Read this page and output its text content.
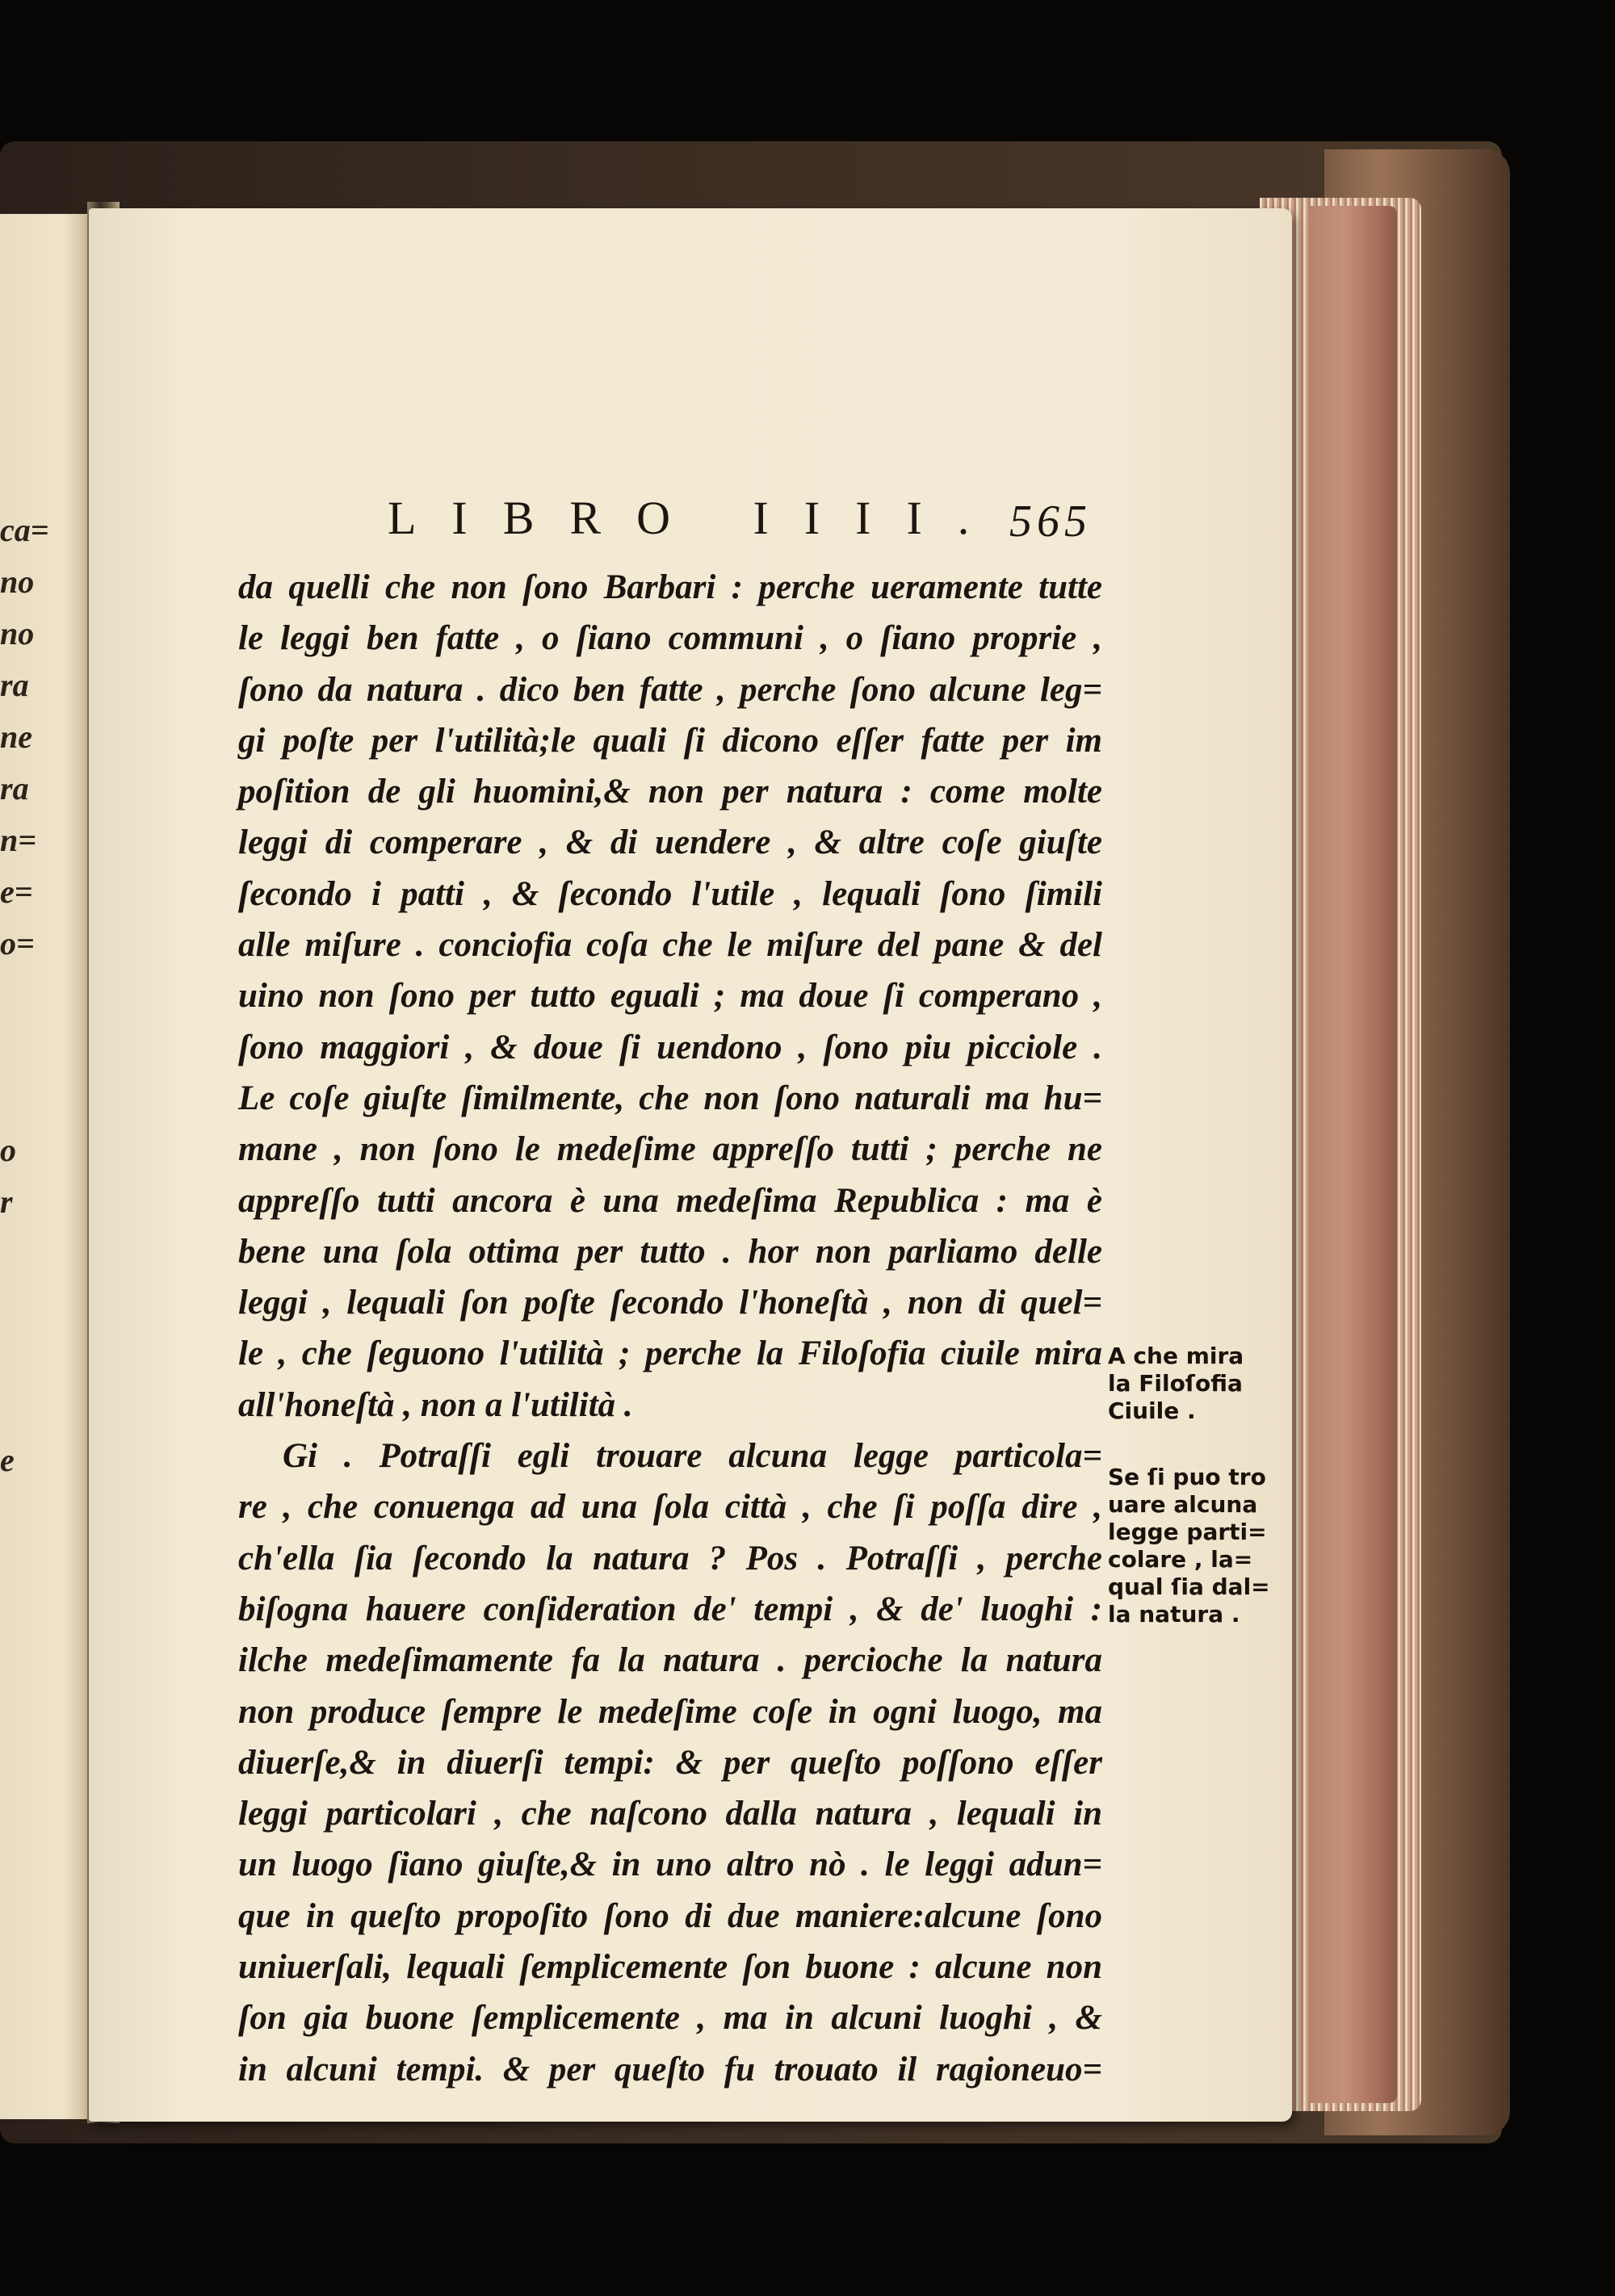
ca=
no
no
ra
ne
ra
n=
e=
o=
o
r
e
LIBRO IIII. 565
da quelli che non ſono Barbari : perche ueramente tutte
le leggi ben fatte , o ſiano communi , o ſiano proprie ,
ſono da natura . dico ben fatte , perche ſono alcune leg=
gi poſte per l'utilità;le quali ſi dicono eſſer fatte per im
poſition de gli huomini,& non per natura : come molte
leggi di comperare , & di uendere , & altre coſe giuſte
ſecondo i patti , & ſecondo l'utile , lequali ſono ſimili
alle miſure . conciofia coſa che le miſure del pane & del
uino non ſono per tutto eguali ; ma doue ſi comperano ,
ſono maggiori , & doue ſi uendono , ſono piu picciole .
Le coſe giuſte ſimilmente, che non ſono naturali ma hu=
mane , non ſono le medeſime appreſſo tutti ; perche ne
appreſſo tutti ancora è una medeſima Republica : ma è
bene una ſola ottima per tutto . hor non parliamo delle
leggi , lequali ſon poſte ſecondo l'honeſtà , non di quel=
le , che ſeguono l'utilità ; perche la Filoſofia ciuile mira
all'honeſtà , non a l'utilità .
Gi . Potraſſi egli trouare alcuna legge particola=
re , che conuenga ad una ſola città , che ſi poſſa dire ,
ch'ella ſia ſecondo la natura ? Pos . Potraſſi , perche
biſogna hauere conſideration de' tempi , & de' luoghi :
ilche medeſimamente fa la natura . percioche la natura
non produce ſempre le medeſime coſe in ogni luogo, ma
diuerſe,& in diuerſi tempi: & per queſto poſſono eſſer
leggi particolari , che naſcono dalla natura , lequali in
un luogo ſiano giuſte,& in uno altro nò . le leggi adun=
que in queſto propoſito ſono di due maniere:alcune ſono
uniuerſali, lequali ſemplicemente ſon buone : alcune non
ſon gia buone ſemplicemente , ma in alcuni luoghi , &
in alcuni tempi. & per queſto fu trouato il ragioneuo=
A che mira
la Filoſofia
Ciuile .
Se ſi puo tro
uare alcuna
legge parti=
colare , la=
qual ſia dal=
la natura .
